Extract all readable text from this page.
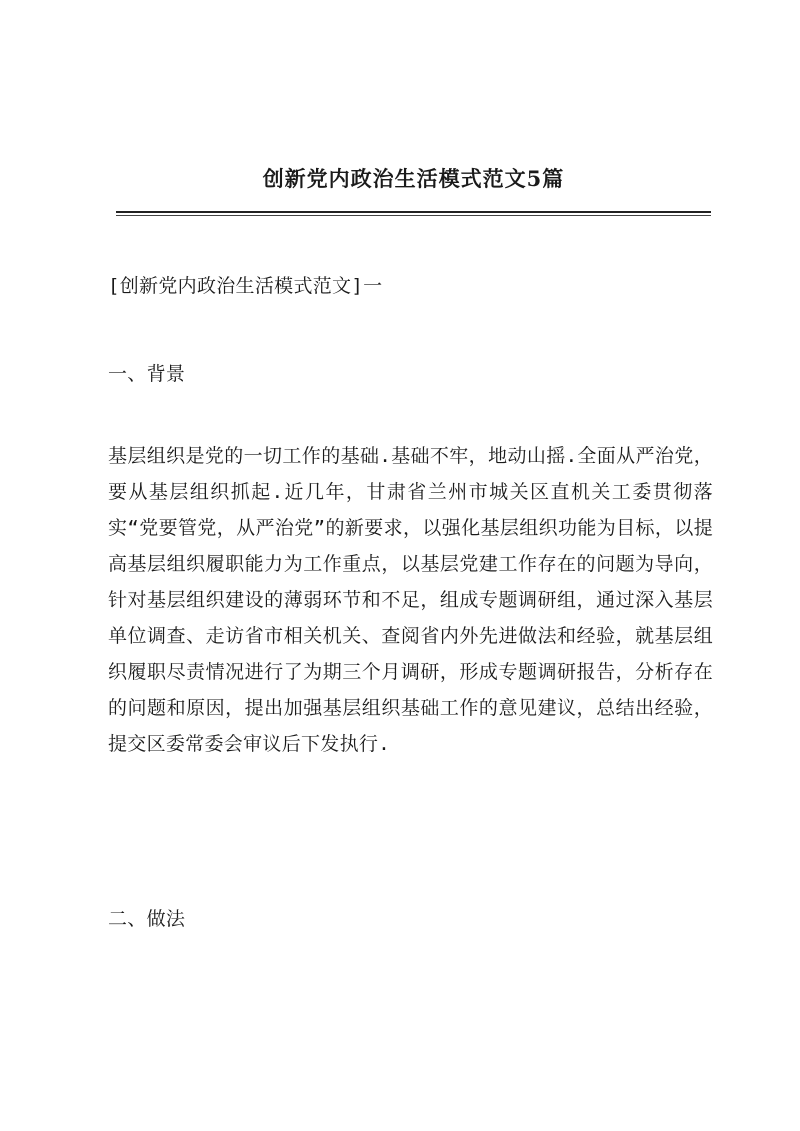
创新党内政治生活模式范文5篇

[创新党内政治生活模式范文]一

一、背景

基层组织是党的一切工作的基础.基础不牢，地动山摇.全面从严治党，要从基层组织抓起.近几年，甘肃省兰州市城关区直机关工委贯彻落实“党要管党，从严治党”的新要求，以强化基层组织功能为目标，以提高基层组织履职能力为工作重点，以基层党建工作存在的问题为导向，针对基层组织建设的薄弱环节和不足，组成专题调研组，通过深入基层单位调查、走访省市相关机关、查阅省内外先进做法和经验，就基层组织履职尽责情况进行了为期三个月调研，形成专题调研报告，分析存在的问题和原因，提出加强基层组织基础工作的意见建议，总结出经验，提交区委常委会审议后下发执行.

二、做法
